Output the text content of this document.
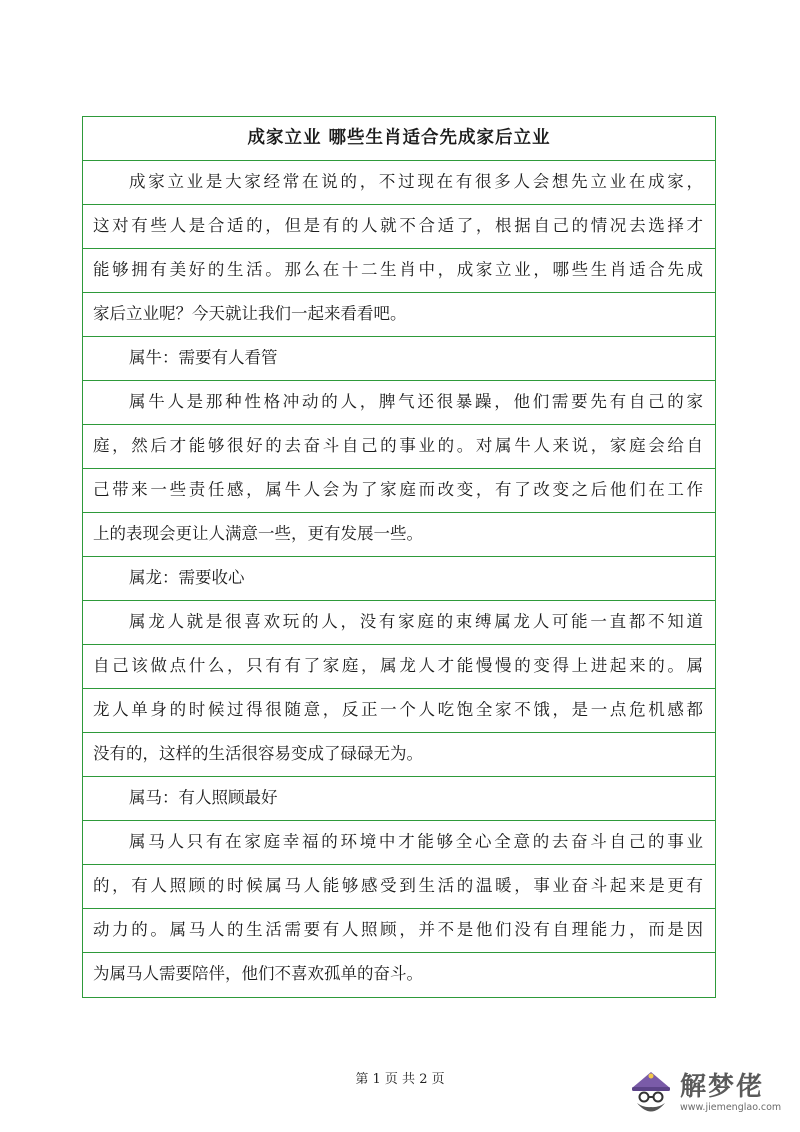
成家立业 哪些生肖适合先成家后立业
成家立业是大家经常在说的，不过现在有很多人会想先立业在成家，
这对有些人是合适的，但是有的人就不合适了，根据自己的情况去选择才
能够拥有美好的生活。那么在十二生肖中，成家立业，哪些生肖适合先成
家后立业呢？今天就让我们一起来看看吧。
属牛：需要有人看管
属牛人是那种性格冲动的人，脾气还很暴躁，他们需要先有自己的家
庭，然后才能够很好的去奋斗自己的事业的。对属牛人来说，家庭会给自
己带来一些责任感，属牛人会为了家庭而改变，有了改变之后他们在工作
上的表现会更让人满意一些，更有发展一些。
属龙：需要收心
属龙人就是很喜欢玩的人，没有家庭的束缚属龙人可能一直都不知道
自己该做点什么，只有有了家庭，属龙人才能慢慢的变得上进起来的。属
龙人单身的时候过得很随意，反正一个人吃饱全家不饿，是一点危机感都
没有的，这样的生活很容易变成了碌碌无为。
属马：有人照顾最好
属马人只有在家庭幸福的环境中才能够全心全意的去奋斗自己的事业
的，有人照顾的时候属马人能够感受到生活的温暖，事业奋斗起来是更有
动力的。属马人的生活需要有人照顾，并不是他们没有自理能力，而是因
为属马人需要陪伴，他们不喜欢孤单的奋斗。
第 1 页 共 2 页	解梦佬
www.jiemenglao.com
